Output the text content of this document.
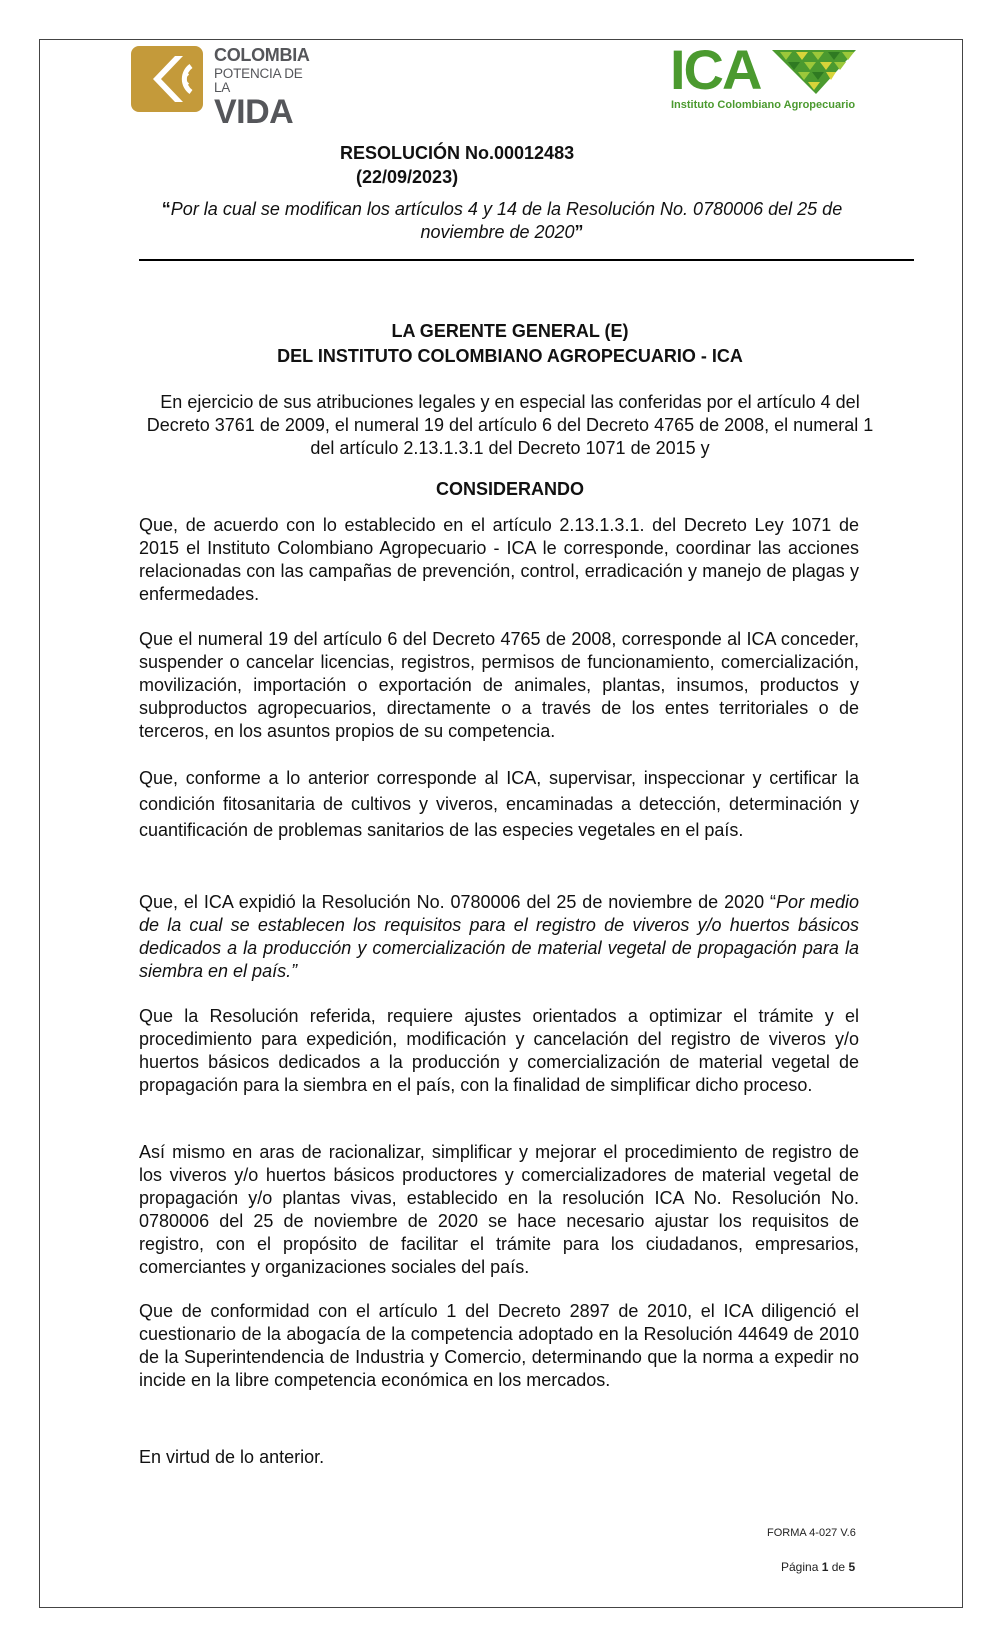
COLOMBIA
POTENCIA DE LA
VIDA
ICA
Instituto Colombiano Agropecuario
RESOLUCIÓN No.00012483
(22/09/2023)
“Por la cual se modifican los artículos 4 y 14 de la Resolución No. 0780006 del 25 de noviembre de 2020”
LA GERENTE GENERAL (E)
DEL INSTITUTO COLOMBIANO AGROPECUARIO - ICA
En ejercicio de sus atribuciones legales y en especial las conferidas por el artículo 4 del Decreto 3761 de 2009, el numeral 19 del artículo 6 del Decreto 4765 de 2008, el numeral 1 del artículo 2.13.1.3.1 del Decreto 1071 de 2015 y
CONSIDERANDO
Que, de acuerdo con lo establecido en el artículo 2.13.1.3.1. del Decreto Ley 1071 de 2015 el Instituto Colombiano Agropecuario - ICA le corresponde, coordinar las acciones relacionadas con las campañas de prevención, control, erradicación y manejo de plagas y enfermedades.
Que el numeral 19 del artículo 6 del Decreto 4765 de 2008, corresponde al ICA conceder, suspender o cancelar licencias, registros, permisos de funcionamiento, comercialización, movilización, importación o exportación de animales, plantas, insumos, productos y subproductos agropecuarios, directamente o a través de los entes territoriales o de terceros, en los asuntos propios de su competencia.
Que, conforme a lo anterior corresponde al ICA, supervisar, inspeccionar y certificar la condición fitosanitaria de cultivos y viveros, encaminadas a detección, determinación y cuantificación de problemas sanitarios de las especies vegetales en el país.
Que, el ICA expidió la Resolución No. 0780006 del 25 de noviembre de 2020 “Por medio de la cual se establecen los requisitos para el registro de viveros y/o huertos básicos dedicados a la producción y comercialización de material vegetal de propagación para la siembra en el país.”
Que la Resolución referida, requiere ajustes orientados a optimizar el trámite y el procedimiento para expedición, modificación y cancelación del registro de viveros y/o huertos básicos dedicados a la producción y comercialización de material vegetal de propagación para la siembra en el país, con la finalidad de simplificar dicho proceso.
Así mismo en aras de racionalizar, simplificar y mejorar el procedimiento de registro de los viveros y/o huertos básicos productores y comercializadores de material vegetal de propagación y/o plantas vivas, establecido en la resolución ICA No. Resolución No. 0780006 del 25 de noviembre de 2020 se hace necesario ajustar los requisitos de registro, con el propósito de facilitar el trámite para los ciudadanos, empresarios, comerciantes y organizaciones sociales del país.
Que de conformidad con el artículo 1 del Decreto 2897 de 2010, el ICA diligenció el cuestionario de la abogacía de la competencia adoptado en la Resolución 44649 de 2010 de la Superintendencia de Industria y Comercio, determinando que la norma a expedir no incide en la libre competencia económica en los mercados.
En virtud de lo anterior.
FORMA 4-027 V.6
Página 1 de 5
